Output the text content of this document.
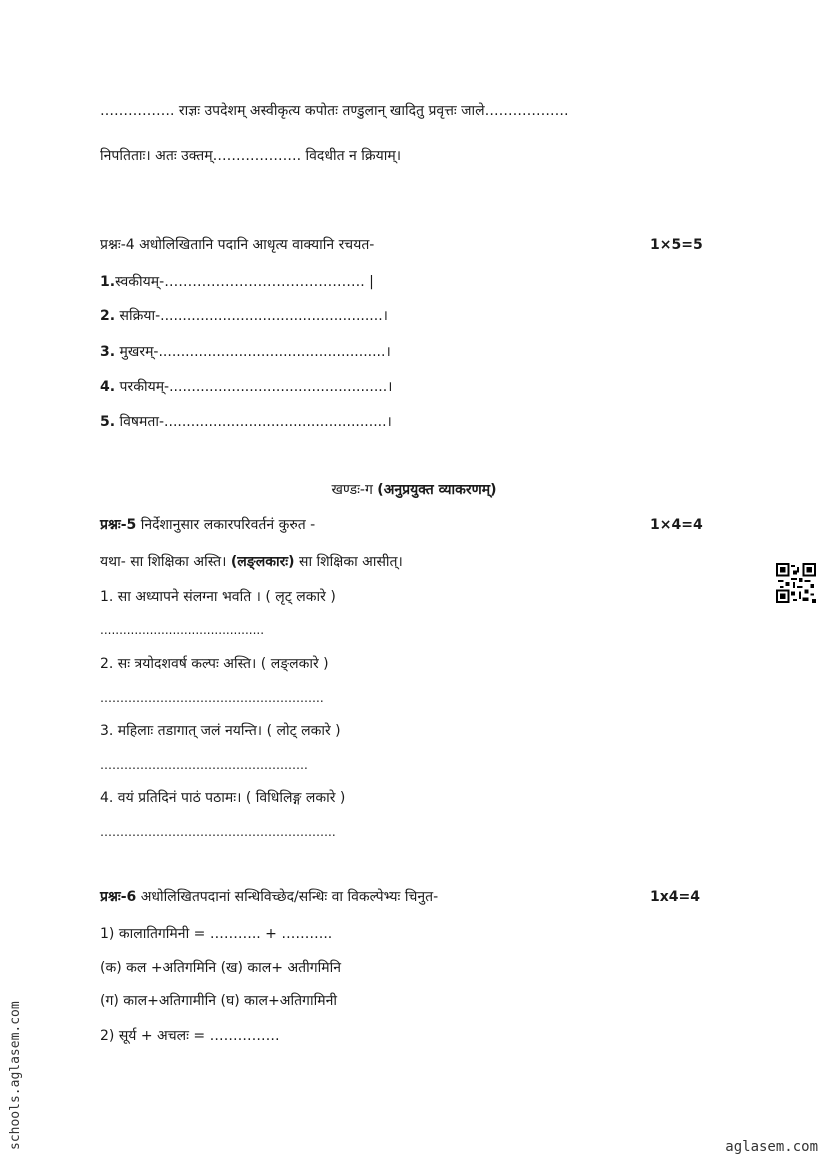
……………. राज्ञः उपदेशम् अस्वीकृत्य कपोतः तण्डुलान् खादितु प्रवृत्तः जाले………………
निपतिताः। अतः उक्तम्………………. विदधीत न क्रियाम्।
प्रश्नः-4 अधोलिखितानि पदानि आधृत्य वाक्यानि रचयत-	1×5=5
1.स्वकीयम्-……………………………………. |
2. सक्रिया-..................................................।
3. मुखरम्-...................................................।
4. परकीयम्-.................................................।
5. विषमता-..................................................।
खण्डः-ग (अनुप्रयुक्त व्याकरणम्)
प्रश्नः-5 निर्देशानुसार लकारपरिवर्तनं कुरुत -	1×4=4
यथा- सा शिक्षिका अस्ति। (लङ्लकारः) सा शिक्षिका आसीत्।
1. सा अध्यापने संलग्ना भवति । ( लृट् लकारे )
...........................................
2. सः त्रयोदशवर्ष कल्पः अस्ति। ( लङ्लकारे )
………………………………………………..
3. महिलाः तडागात् जलं नयन्ति। ( लोट् लकारे )
…………………………………………….
4. वयं प्रतिदिनं पाठं पठामः। ( विधिलिङ्ग लकारे )
…………………………………………………..
प्रश्नः-6 अधोलिखितपदानां सन्धिविच्छेद/सन्धिः वा विकल्पेभ्यः चिनुत-	1x4=4
1) कालातिगमिनी = ……….. + ………..
(क) कल +अतिगमिनि (ख) काल+ अतीगमिनि
(ग) काल+अतिगामीनि (घ) काल+अतिगामिनी
2) सूर्य + अचलः = ……………
schools.aglasem.com	aglasem.com
